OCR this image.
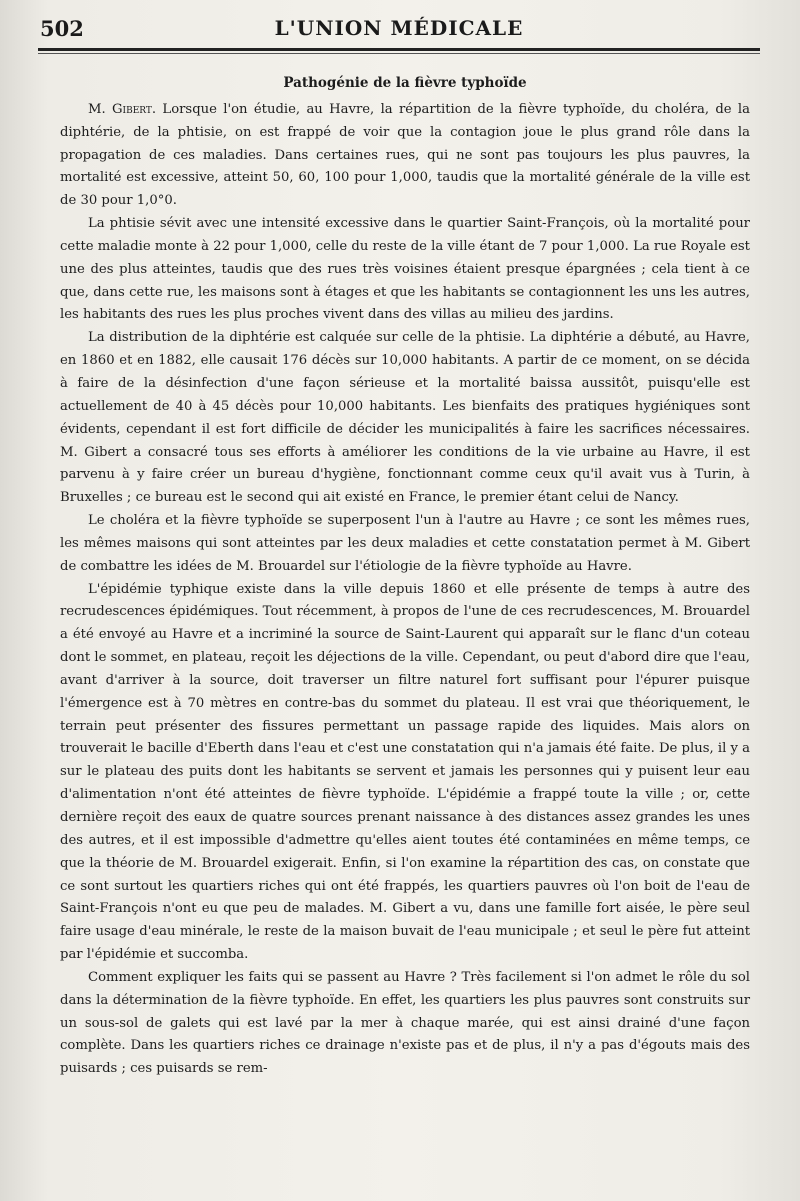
502	L'UNION MÉDICALE
Pathogénie de la fièvre typhoïde

M. Gibert. Lorsque l'on étudie, au Havre, la répartition de la fièvre typhoïde, du choléra, de la diphtérie, de la phtisie, on est frappé de voir que la contagion joue le plus grand rôle dans la propagation de ces maladies. Dans certaines rues, qui ne sont pas toujours les plus pauvres, la mortalité est excessive, atteint 50, 60, 100 pour 1,000, taudis que la mortalité générale de la ville est de 30 pour 1,0°0.

La phtisie sévit avec une intensité excessive dans le quartier Saint-François, où la mortalité pour cette maladie monte à 22 pour 1,000, celle du reste de la ville étant de 7 pour 1,000. La rue Royale est une des plus atteintes, taudis que des rues très voisines étaient presque épargnées ; cela tient à ce que, dans cette rue, les maisons sont à étages et que les habitants se contagionnent les uns les autres, les habitants des rues les plus proches vivent dans des villas au milieu des jardins.

La distribution de la diphtérie est calquée sur celle de la phtisie. La diphtérie a débuté, au Havre, en 1860 et en 1882, elle causait 176 décès sur 10,000 habitants. A partir de ce moment, on se décida à faire de la désinfection d'une façon sérieuse et la mortalité baissa aussitôt, puisqu'elle est actuellement de 40 à 45 décès pour 10,000 habitants. Les bienfaits des pratiques hygiéniques sont évidents, cependant il est fort difficile de décider les municipalités à faire les sacrifices nécessaires. M. Gibert a consacré tous ses efforts à améliorer les conditions de la vie urbaine au Havre, il est parvenu à y faire créer un bureau d'hygiène, fonctionnant comme ceux qu'il avait vus à Turin, à Bruxelles ; ce bureau est le second qui ait existé en France, le premier étant celui de Nancy.

Le choléra et la fièvre typhoïde se superposent l'un à l'autre au Havre ; ce sont les mêmes rues, les mêmes maisons qui sont atteintes par les deux maladies et cette constatation permet à M. Gibert de combattre les idées de M. Brouardel sur l'étiologie de la fièvre typhoïde au Havre.

L'épidémie typhique existe dans la ville depuis 1860 et elle présente de temps à autre des recrudescences épidémiques. Tout récemment, à propos de l'une de ces recrudescences, M. Brouardel a été envoyé au Havre et a incriminé la source de Saint-Laurent qui apparaît sur le flanc d'un coteau dont le sommet, en plateau, reçoit les déjections de la ville. Cependant, ou peut d'abord dire que l'eau, avant d'arriver à la source, doit traverser un filtre naturel fort suffisant pour l'épurer puisque l'émergence est à 70 mètres en contre-bas du sommet du plateau. Il est vrai que théoriquement, le terrain peut présenter des fissures permettant un passage rapide des liquides. Mais alors on trouverait le bacille d'Eberth dans l'eau et c'est une constatation qui n'a jamais été faite. De plus, il y a sur le plateau des puits dont les habitants se servent et jamais les personnes qui y puisent leur eau d'alimentation n'ont été atteintes de fièvre typhoïde. L'épidémie a frappé toute la ville ; or, cette dernière reçoit des eaux de quatre sources prenant naissance à des distances assez grandes les unes des autres, et il est impossible d'admettre qu'elles aient toutes été contaminées en même temps, ce que la théorie de M. Brouardel exigerait. Enfin, si l'on examine la répartition des cas, on constate que ce sont surtout les quartiers riches qui ont été frappés, les quartiers pauvres où l'on boit de l'eau de Saint-François n'ont eu que peu de malades. M. Gibert a vu, dans une famille fort aisée, le père seul faire usage d'eau minérale, le reste de la maison buvait de l'eau municipale ; et seul le père fut atteint par l'épidémie et succomba.

Comment expliquer les faits qui se passent au Havre ? Très facilement si l'on admet le rôle du sol dans la détermination de la fièvre typhoïde. En effet, les quartiers les plus pauvres sont construits sur un sous-sol de galets qui est lavé par la mer à chaque marée, qui est ainsi drainé d'une façon complète. Dans les quartiers riches ce drainage n'existe pas et de plus, il n'y a pas d'égouts mais des puisards ; ces puisards se rem-
